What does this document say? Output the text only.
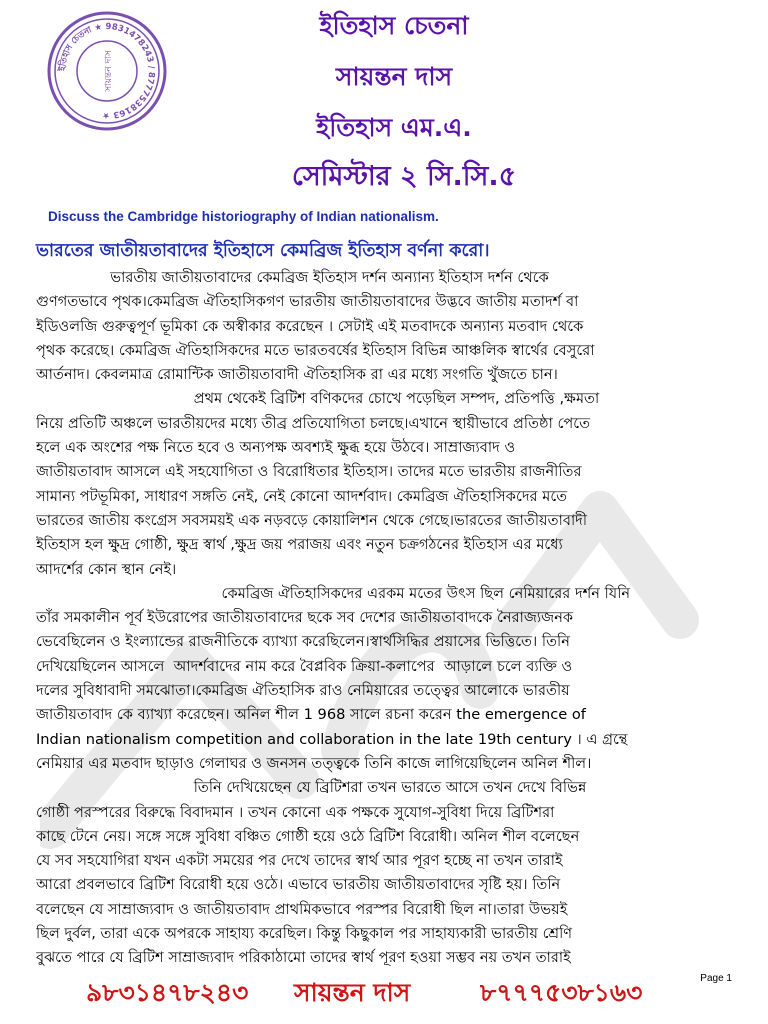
ইতিহাস চেতনা ★ 9831478243 / 8777538163 ★
সায়ন্তন দাস
ইতিহাস চেতনা
সায়ন্তন দাস
ইতিহাস এম.এ.
সেমিস্টার ২ সি.সি.৫
Discuss the Cambridge historiography of Indian nationalism.
ভারতের জাতীয়তাবাদের ইতিহাসে কেমব্রিজ ইতিহাস বর্ণনা করো।
ভারতীয় জাতীয়তাবাদের কেমব্রিজ ইতিহাস দর্শন অন্যান্য ইতিহাস দর্শন থেকে
গুণগতভাবে পৃথক।কেমব্রিজ ঐতিহাসিকগণ ভারতীয় জাতীয়তাবাদের উদ্ভবে জাতীয় মতাদর্শ বা
ইডিওলজি গুরুত্বপূর্ণ ভূমিকা কে অস্বীকার করেছেন । সেটাই এই মতবাদকে অন্যান্য মতবাদ থেকে
পৃথক করেছে। কেমব্রিজ ঐতিহাসিকদের মতে ভারতবর্ষের ইতিহাস বিভিন্ন আঞ্চলিক স্বার্থের বেসুরো
আর্তনাদ। কেবলমাত্র রোমান্টিক জাতীয়তাবাদী ঐতিহাসিক রা এর মধ্যে সংগতি খুঁজতে চান।
প্রথম থেকেই ব্রিটিশ বণিকদের চোখে পড়েছিল সম্পদ, প্রতিপত্তি ,ক্ষমতা
নিয়ে প্রতিটি অঞ্চলে ভারতীয়দের মধ্যে তীব্র প্রতিযোগিতা চলছে।এখানে স্থায়ীভাবে প্রতিষ্ঠা পেতে
হলে এক অংশের পক্ষ নিতে হবে ও অন্যপক্ষ অবশ্যই ক্ষুব্ধ হয়ে উঠবে। সাম্রাজ্যবাদ ও
জাতীয়তাবাদ আসলে এই সহযোগিতা ও বিরোধিতার ইতিহাস। তাদের মতে ভারতীয় রাজনীতির
সামান্য পটভূমিকা, সাধারণ সঙ্গতি নেই, নেই কোনো আদর্শবাদ। কেমব্রিজ ঐতিহাসিকদের মতে
ভারতের জাতীয় কংগ্রেস সবসময়ই এক নড়বড়ে কোয়ালিশন থেকে গেছে।ভারতের জাতীয়তাবাদী
ইতিহাস হল ক্ষুদ্র গোষ্ঠী, ক্ষুদ্র স্বার্থ ,ক্ষুদ্র জয় পরাজয় এবং নতুন চক্রগঠনের ইতিহাস এর মধ্যে
আদর্শের কোন স্থান নেই।
কেমব্রিজ ঐতিহাসিকদের এরকম মতের উৎস ছিল নেমিয়ারের দর্শন যিনি
তাঁর সমকালীন পূর্ব ইউরোপের জাতীয়তাবাদের ছকে সব দেশের জাতীয়তাবাদকে নৈরাজ্যজনক
ভেবেছিলেন ও ইংল্যান্ডের রাজনীতিকে ব্যাখ্যা করেছিলেন।স্বার্থসিদ্ধির প্রয়াসের ভিত্তিতে। তিনি
দেখিয়েছিলেন আসলে  আদর্শবাদের নাম করে বৈপ্লবিক ক্রিয়া-কলাপের  আড়ালে চলে ব্যক্তি ও
দলের সুবিধাবাদী সমঝোতা।কেমব্রিজ ঐতিহাসিক রাও নেমিয়ারের তত্ত্বের আলোকে ভারতীয়
জাতীয়তাবাদ কে ব্যাখ্যা করেছেন। অনিল শীল 1 968 সালে রচনা করেন the emergence of
Indian nationalism competition and collaboration in the late 19th century । এ গ্রন্থে
নেমিয়ার এর মতবাদ ছাড়াও গেলাঘর ও জনসন তত্ত্বকে তিনি কাজে লাগিয়েছিলেন অনিল শীল।
তিনি দেখিয়েছেন যে ব্রিটিশরা তখন ভারতে আসে তখন দেখে বিভিন্ন
গোষ্ঠী পরস্পরের বিরুদ্ধে বিবাদমান । তখন কোনো এক পক্ষকে সুযোগ-সুবিধা দিয়ে ব্রিটিশরা
কাছে টেনে নেয়। সঙ্গে সঙ্গে সুবিধা বঞ্চিত গোষ্ঠী হয়ে ওঠে ব্রিটিশ বিরোধী। অনিল শীল বলেছেন
যে সব সহযোগিরা যখন একটা সময়ের পর দেখে তাদের স্বার্থ আর পূরণ হচ্ছে না তখন তারাই
আরো প্রবলভাবে ব্রিটিশ বিরোধী হয়ে ওঠে। এভাবে ভারতীয় জাতীয়তাবাদের সৃষ্টি হয়। তিনি
বলেছেন যে সাম্রাজ্যবাদ ও জাতীয়তাবাদ প্রাথমিকভাবে পরস্পর বিরোধী ছিল না।তারা উভয়ই
ছিল দুর্বল, তারা একে অপরকে সাহায্য করেছিল। কিন্তু কিছুকাল পর সাহায্যকারী ভারতীয় শ্রেণি
বুঝতে পারে যে ব্রিটিশ সাম্রাজ্যবাদ পরিকাঠামো তাদের স্বার্থ পূরণ হওয়া সম্ভব নয় তখন তারাই
৯৮৩১৪৭৮২৪৩ সায়ন্তন দাস	৮৭৭৭৫৩৮১৬৩	Page 1
